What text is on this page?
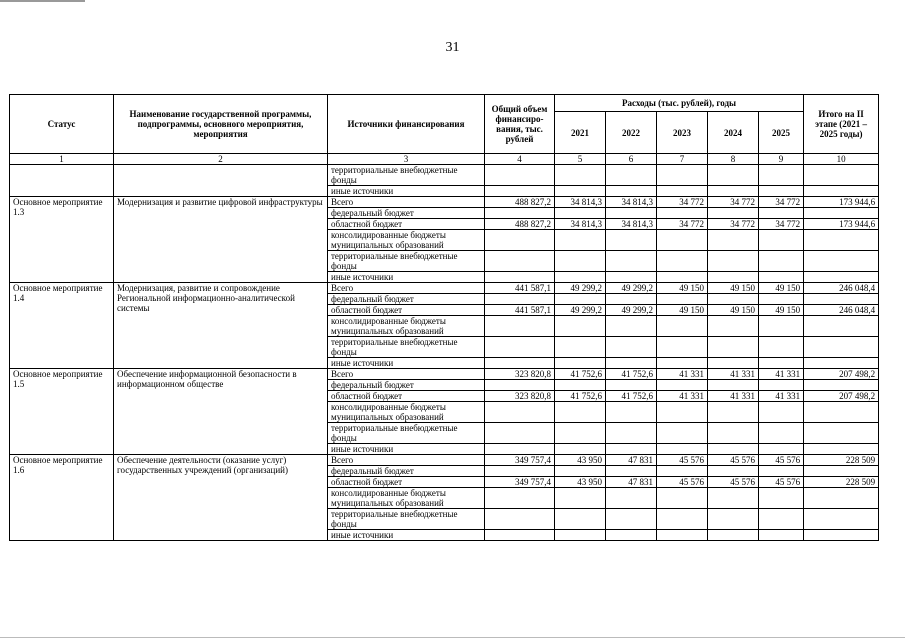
31
Статус	Наименование государственной программы, подпрограммы, основного мероприятия, мероприятия	Источники финансирования	Общий объем финансиро-вания, тыс. рублей	Расходы (тыс. рублей), годы					Итого на II этапе (2021 – 2025 годы)
				2021	2022	2023	2024	2025	
1	2	3	4	5	6	7	8	9	10
		территориальные внебюджетные фонды							
		иные источники							
Основное мероприятие 1.3	Модернизация и развитие цифровой инфраструктуры	Всего	488 827,2	34 814,3	34 814,3	34 772	34 772	34 772	173 944,6
		федеральный бюджет							
		областной бюджет	488 827,2	34 814,3	34 814,3	34 772	34 772	34 772	173 944,6
		консолидированные бюджеты муниципальных образований							
		территориальные внебюджетные фонды							
		иные источники							
Основное мероприятие 1.4	Модернизация, развитие и сопровождение Региональной информационно-аналитической системы	Всего	441 587,1	49 299,2	49 299,2	49 150	49 150	49 150	246 048,4
		федеральный бюджет							
		областной бюджет	441 587,1	49 299,2	49 299,2	49 150	49 150	49 150	246 048,4
		консолидированные бюджеты муниципальных образований							
		территориальные внебюджетные фонды							
		иные источники							
Основное мероприятие 1.5	Обеспечение информационной безопасности в информационном обществе	Всего	323 820,8	41 752,6	41 752,6	41 331	41 331	41 331	207 498,2
		федеральный бюджет							
		областной бюджет	323 820,8	41 752,6	41 752,6	41 331	41 331	41 331	207 498,2
		консолидированные бюджеты муниципальных образований							
		территориальные внебюджетные фонды							
		иные источники							
Основное мероприятие 1.6	Обеспечение деятельности (оказание услуг) государственных учреждений (организаций)	Всего	349 757,4	43 950	47 831	45 576	45 576	45 576	228 509
		федеральный бюджет							
		областной бюджет	349 757,4	43 950	47 831	45 576	45 576	45 576	228 509
		консолидированные бюджеты муниципальных образований							
		территориальные внебюджетные фонды							
		иные источники							
